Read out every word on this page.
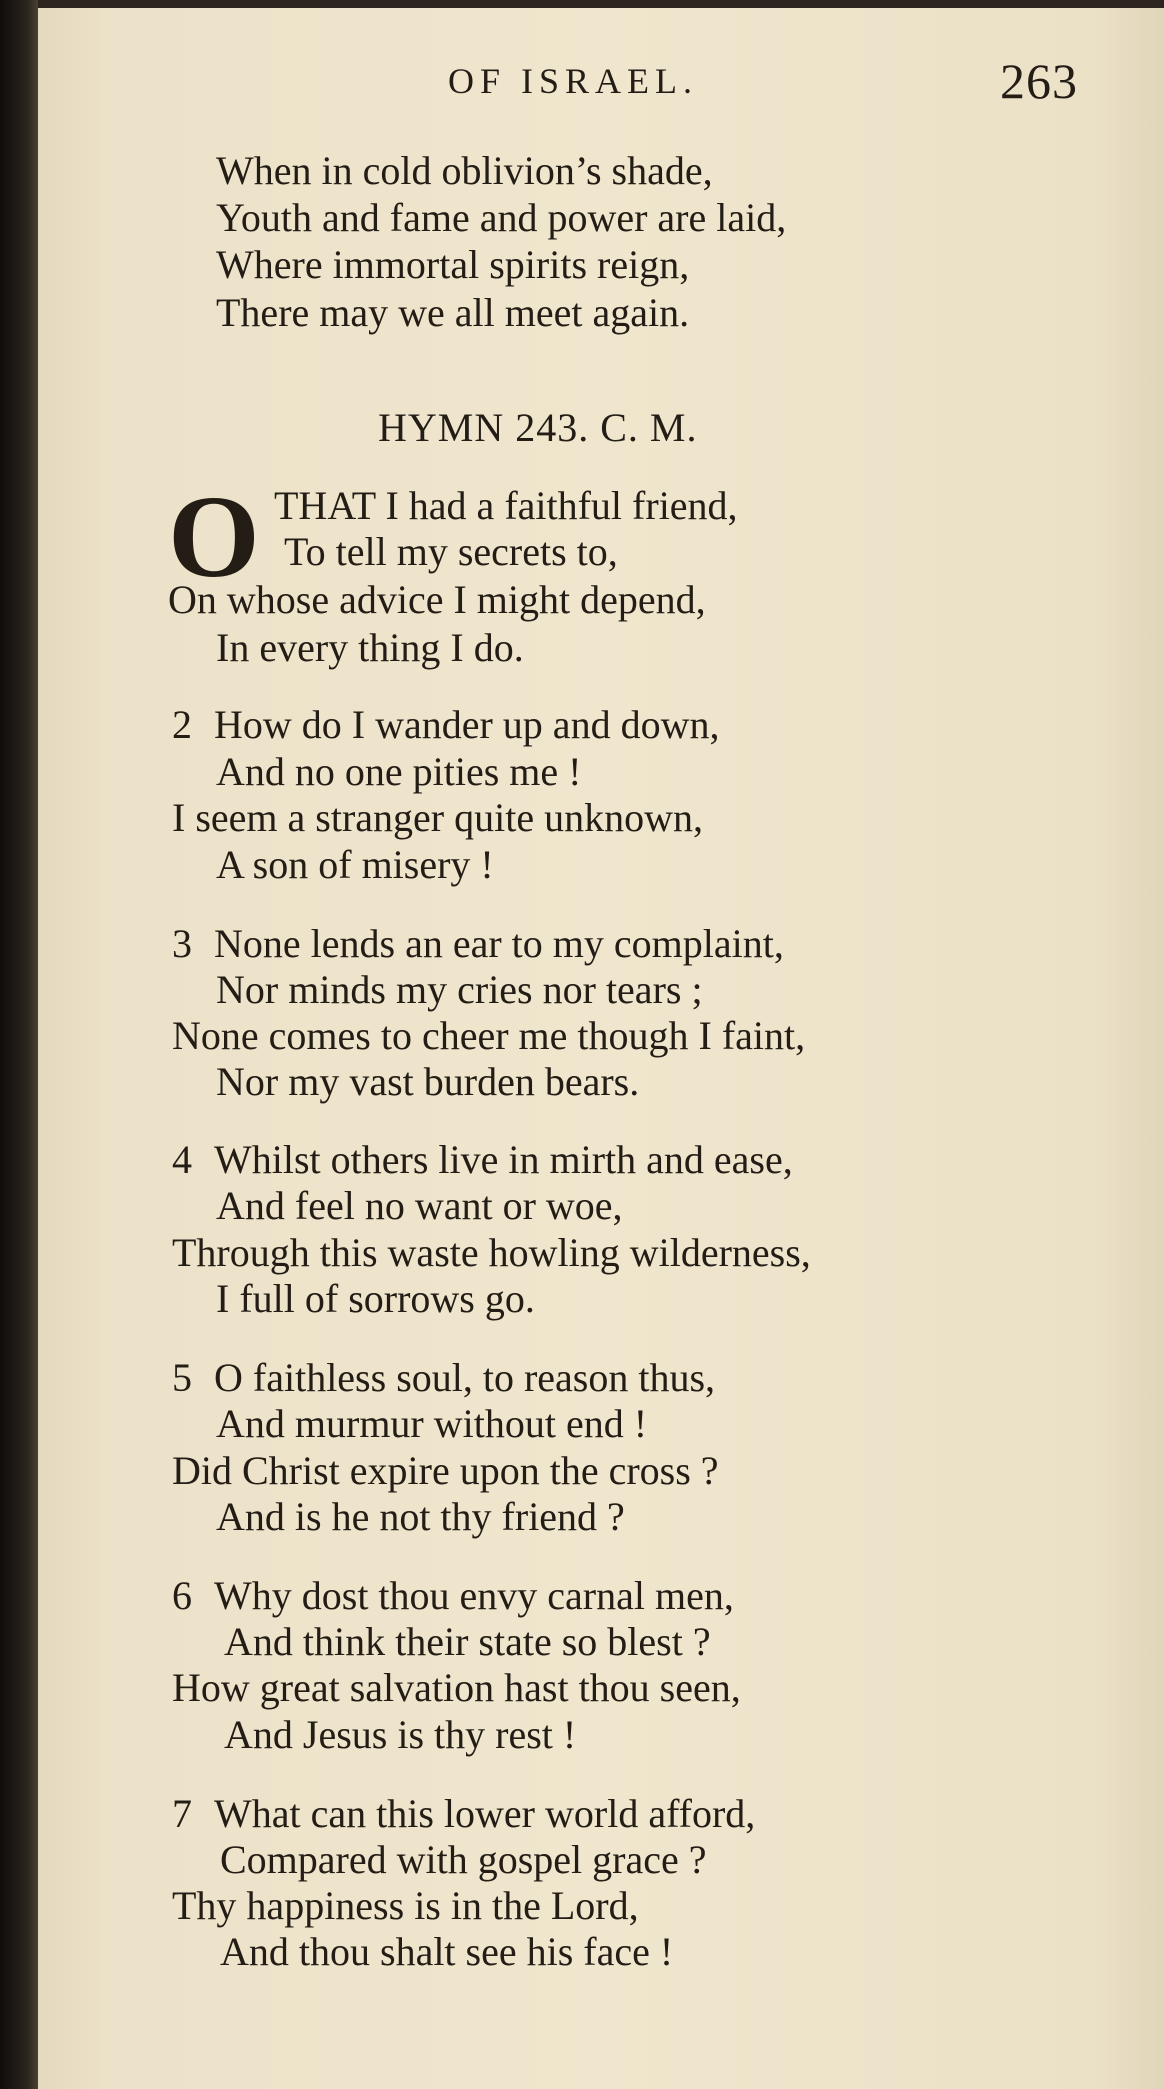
OF ISRAEL.	263
When in cold oblivion’s shade,
Youth and fame and power are laid,
Where immortal spirits reign,
There may we all meet again.
HYMN 243. C. M.
O THAT I had a faithful friend,
To tell my secrets to,
On whose advice I might depend,
In every thing I do.
2 How do I wander up and down,
And no one pities me !
I seem a stranger quite unknown,
A son of misery !
3 None lends an ear to my complaint,
Nor minds my cries nor tears ;
None comes to cheer me though I faint,
Nor my vast burden bears.
4 Whilst others live in mirth and ease,
And feel no want or woe,
Through this waste howling wilderness,
I full of sorrows go.
5 O faithless soul, to reason thus,
And murmur without end !
Did Christ expire upon the cross ?
And is he not thy friend ?
6 Why dost thou envy carnal men,
And think their state so blest ?
How great salvation hast thou seen,
And Jesus is thy rest !
7 What can this lower world afford,
Compared with gospel grace ?
Thy happiness is in the Lord,
And thou shalt see his face !
